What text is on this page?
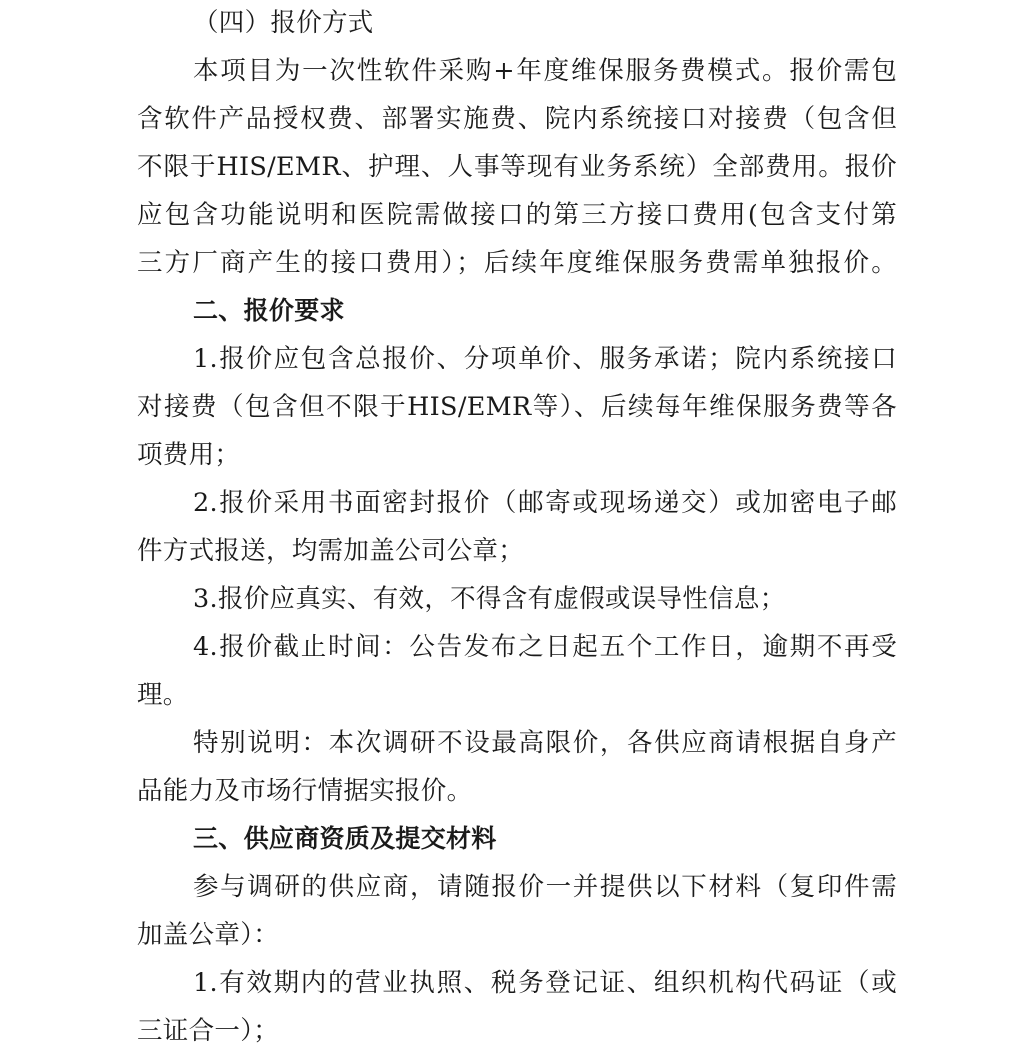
（四）报价方式
本项目为一次性软件采购+年度维保服务费模式。报价需包
含软件产品授权费、部署实施费、院内系统接口对接费（包含但
不限于HIS/EMR、护理、人事等现有业务系统）全部费用。报价
应包含功能说明和医院需做接口的第三方接口费用(包含支付第
三方厂商产生的接口费用）；后续年度维保服务费需单独报价。
二、报价要求
1.报价应包含总报价、分项单价、服务承诺；院内系统接口
对接费（包含但不限于HIS/EMR等）、后续每年维保服务费等各
项费用；
2.报价采用书面密封报价（邮寄或现场递交）或加密电子邮
件方式报送，均需加盖公司公章；
3.报价应真实、有效，不得含有虚假或误导性信息；
4.报价截止时间：公告发布之日起五个工作日，逾期不再受
理。
特别说明：本次调研不设最高限价，各供应商请根据自身产
品能力及市场行情据实报价。
三、供应商资质及提交材料
参与调研的供应商，请随报价一并提供以下材料（复印件需
加盖公章）：
1.有效期内的营业执照、税务登记证、组织机构代码证（或
三证合一）；
